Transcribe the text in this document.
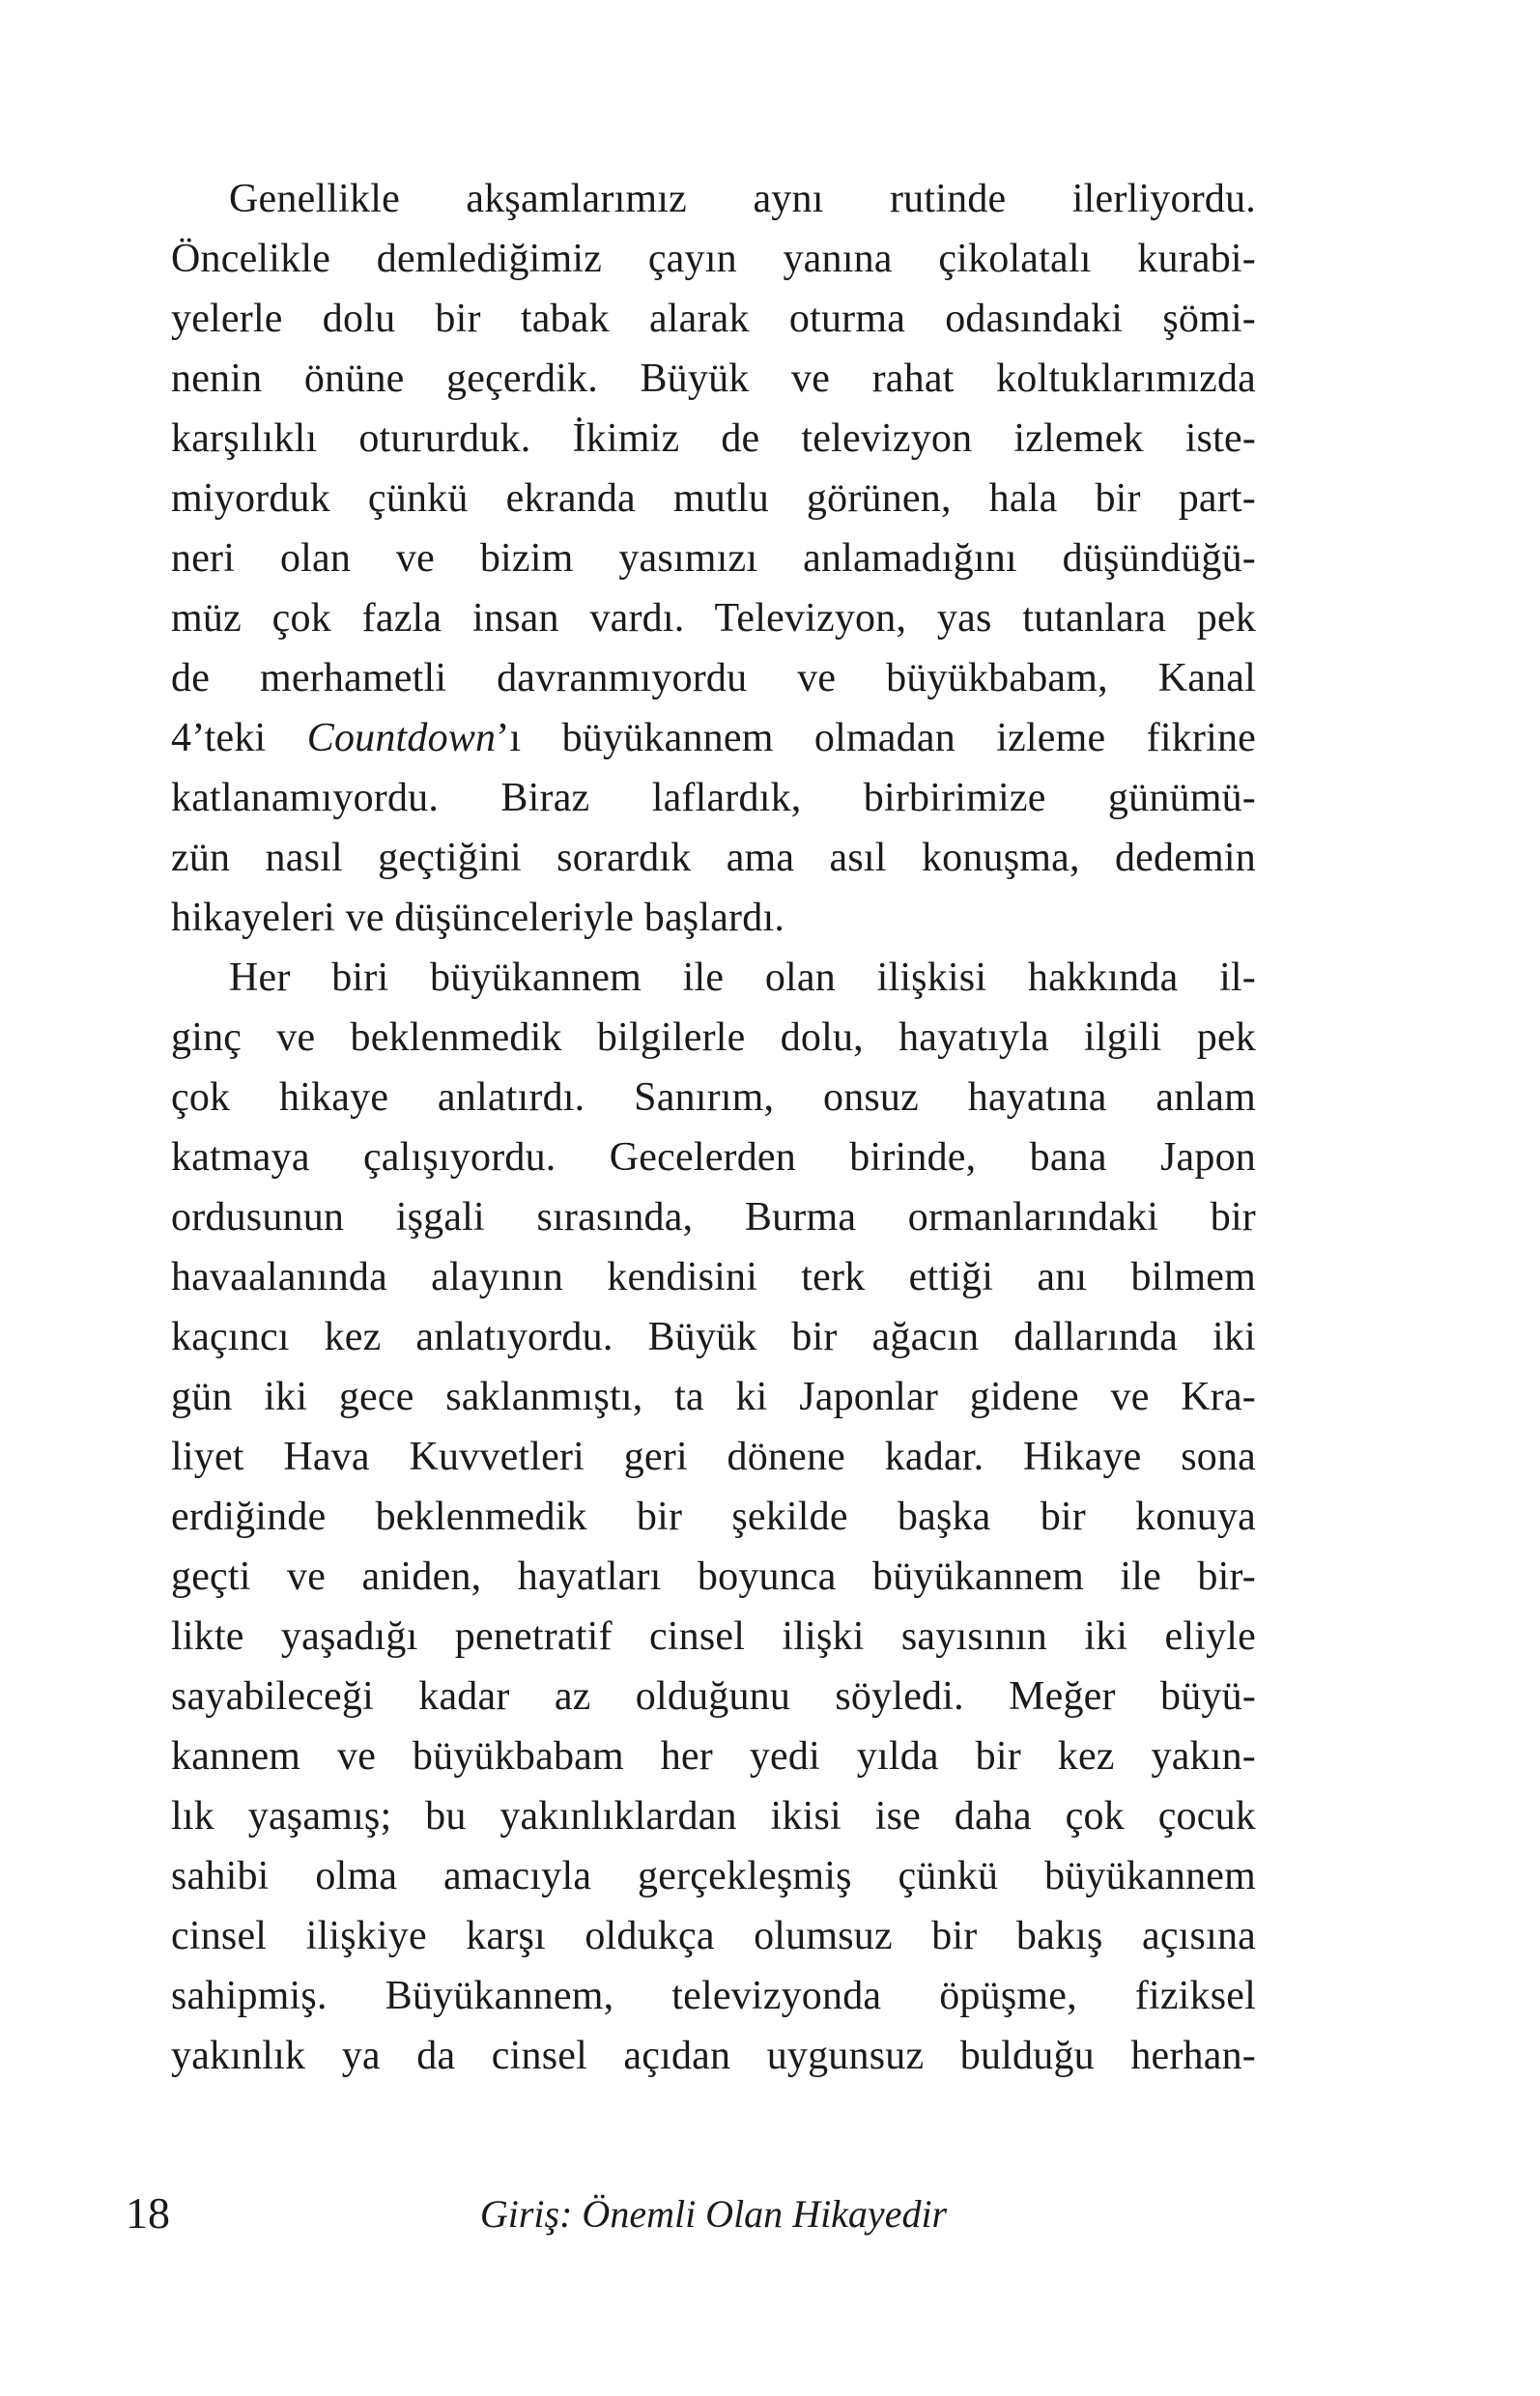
Genellikle akşamlarımız aynı rutinde ilerliyordu.
Öncelikle demlediğimiz çayın yanına çikolatalı kurabi-
yelerle dolu bir tabak alarak oturma odasındaki şömi-
nenin önüne geçerdik. Büyük ve rahat koltuklarımızda
karşılıklı otururduk. İkimiz de televizyon izlemek iste-
miyorduk çünkü ekranda mutlu görünen, hala bir part-
neri olan ve bizim yasımızı anlamadığını düşündüğü-
müz çok fazla insan vardı. Televizyon, yas tutanlara pek
de merhametli davranmıyordu ve büyükbabam, Kanal
4’teki Countdown’ı büyükannem olmadan izleme fikrine
katlanamıyordu. Biraz laflardık, birbirimize günümü-
zün nasıl geçtiğini sorardık ama asıl konuşma, dedemin
hikayeleri ve düşünceleriyle başlardı.
Her biri büyükannem ile olan ilişkisi hakkında il-
ginç ve beklenmedik bilgilerle dolu, hayatıyla ilgili pek
çok hikaye anlatırdı. Sanırım, onsuz hayatına anlam
katmaya çalışıyordu. Gecelerden birinde, bana Japon
ordusunun işgali sırasında, Burma ormanlarındaki bir
havaalanında alayının kendisini terk ettiği anı bilmem
kaçıncı kez anlatıyordu. Büyük bir ağacın dallarında iki
gün iki gece saklanmıştı, ta ki Japonlar gidene ve Kra-
liyet Hava Kuvvetleri geri dönene kadar. Hikaye sona
erdiğinde beklenmedik bir şekilde başka bir konuya
geçti ve aniden, hayatları boyunca büyükannem ile bir-
likte yaşadığı penetratif cinsel ilişki sayısının iki eliyle
sayabileceği kadar az olduğunu söyledi. Meğer büyü-
kannem ve büyükbabam her yedi yılda bir kez yakın-
lık yaşamış; bu yakınlıklardan ikisi ise daha çok çocuk
sahibi olma amacıyla gerçekleşmiş çünkü büyükannem
cinsel ilişkiye karşı oldukça olumsuz bir bakış açısına
sahipmiş. Büyükannem, televizyonda öpüşme, fiziksel
yakınlık ya da cinsel açıdan uygunsuz bulduğu herhan-
18	Giriş: Önemli Olan Hikayedir
